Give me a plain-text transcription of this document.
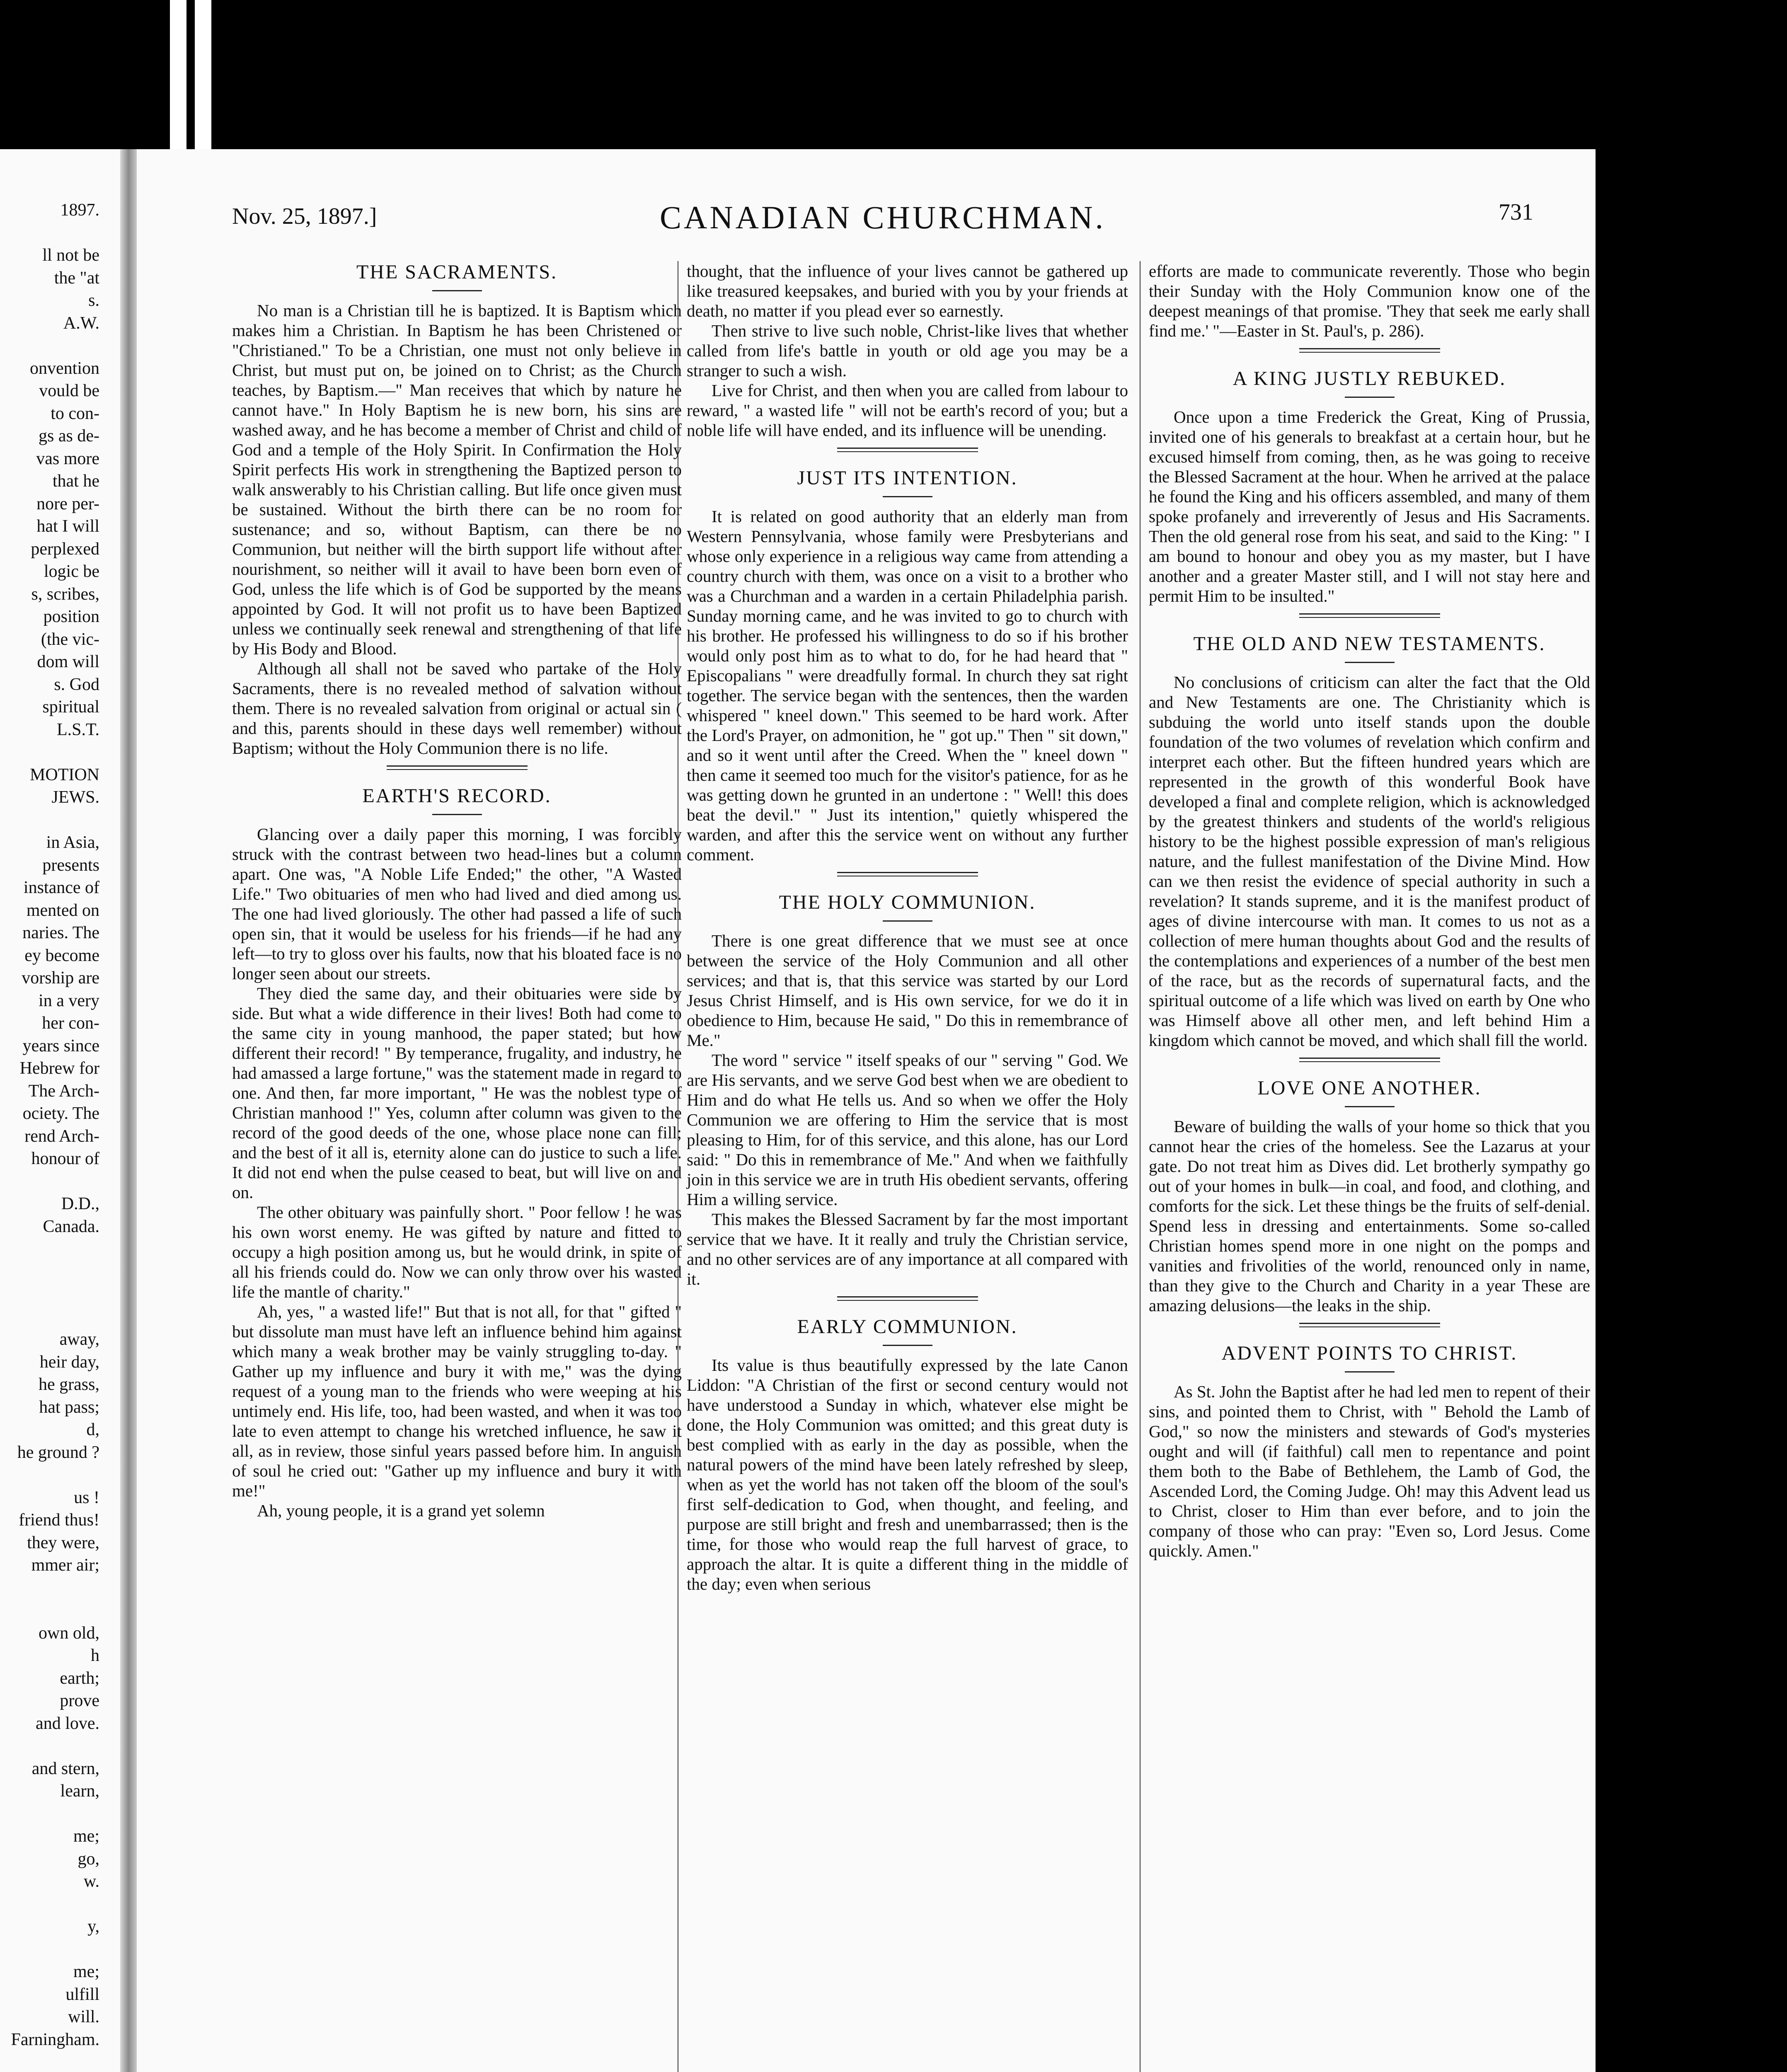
1897.

ll not be
the "at
s.
A.W.

onvention
vould be
to con-
gs as de-
vas more
that he
nore per-
hat I will
perplexed
logic be
s, scribes,
position
(the vic-
dom will
s. God
spiritual
L.S.T.

MOTION
JEWS.

in Asia,
presents
instance of
mented on
naries. The
ey become
vorship are
in a very
her con-
years since
Hebrew for
The Arch-
ociety. The
rend Arch-
honour of

D.D.,
Canada.

away,
heir day,
he grass,
hat pass;
d,
he ground ?

us !
friend thus!
they were,
mmer air;

own old,
h
earth;
prove
and love.

and stern,
learn,

me;
go,
w.

y,

me;
ulfill
will.
Farningham.
Nov. 25, 1897.]	CANADIAN CHURCHMAN.	731
THE SACRAMENTS.

No man is a Christian till he is baptized. It is Baptism which makes him a Christian. In Baptism he has been Christened or "Christianed." To be a Christian, one must not only believe in Christ, but must put on, be joined on to Christ; as the Church teaches, by Baptism.—" Man receives that which by nature he cannot have." In Holy Baptism he is new born, his sins are washed away, and he has become a member of Christ and child of God and a temple of the Holy Spirit. In Confirmation the Holy Spirit perfects His work in strengthening the Baptized person to walk answerably to his Christian calling. But life once given must be sustained. Without the birth there can be no room for sustenance; and so, without Baptism, can there be no Communion, but neither will the birth support life without after nourishment, so neither will it avail to have been born even of God, unless the life which is of God be supported by the means appointed by God. It will not profit us to have been Baptized unless we continually seek renewal and strengthening of that life by His Body and Blood.

Although all shall not be saved who partake of the Holy Sacraments, there is no revealed method of salvation without them. There is no revealed salvation from original or actual sin ( and this, parents should in these days well remember) without Baptism; without the Holy Communion there is no life.

EARTH'S RECORD.

Glancing over a daily paper this morning, I was forcibly struck with the contrast between two head-lines but a column apart. One was, "A Noble Life Ended;" the other, "A Wasted Life." Two obituaries of men who had lived and died among us. The one had lived gloriously. The other had passed a life of such open sin, that it would be useless for his friends—if he had any left—to try to gloss over his faults, now that his bloated face is no longer seen about our streets.

They died the same day, and their obituaries were side by side. But what a wide difference in their lives! Both had come to the same city in young manhood, the paper stated; but how different their record! " By temperance, frugality, and industry, he had amassed a large fortune," was the statement made in regard to one. And then, far more important, " He was the noblest type of Christian manhood !" Yes, column after column was given to the record of the good deeds of the one, whose place none can fill; and the best of it all is, eternity alone can do justice to such a life. It did not end when the pulse ceased to beat, but will live on and on.

The other obituary was painfully short. " Poor fellow ! he was his own worst enemy. He was gifted by nature and fitted to occupy a high position among us, but he would drink, in spite of all his friends could do. Now we can only throw over his wasted life the mantle of charity."

Ah, yes, " a wasted life!" But that is not all, for that " gifted " but dissolute man must have left an influence behind him against which many a weak brother may be vainly struggling to-day. " Gather up my influence and bury it with me," was the dying request of a young man to the friends who were weeping at his untimely end. His life, too, had been wasted, and when it was too late to even attempt to change his wretched influence, he saw it all, as in review, those sinful years passed before him. In anguish of soul he cried out: "Gather up my influence and bury it with me!"

Ah, young people, it is a grand yet solemn

thought, that the influence of your lives cannot be gathered up like treasured keepsakes, and buried with you by your friends at death, no matter if you plead ever so earnestly.

Then strive to live such noble, Christ-like lives that whether called from life's battle in youth or old age you may be a stranger to such a wish.

Live for Christ, and then when you are called from labour to reward, " a wasted life " will not be earth's record of you; but a noble life will have ended, and its influence will be unending.

JUST ITS INTENTION.

It is related on good authority that an elderly man from Western Pennsylvania, whose family were Presbyterians and whose only experience in a religious way came from attending a country church with them, was once on a visit to a brother who was a Churchman and a warden in a certain Philadelphia parish. Sunday morning came, and he was invited to go to church with his brother. He professed his willingness to do so if his brother would only post him as to what to do, for he had heard that " Episcopalians " were dreadfully formal. In church they sat right together. The service began with the sentences, then the warden whispered " kneel down." This seemed to be hard work. After the Lord's Prayer, on admonition, he " got up." Then " sit down," and so it went until after the Creed. When the " kneel down " then came it seemed too much for the visitor's patience, for as he was getting down he grunted in an undertone : " Well! this does beat the devil." " Just its intention," quietly whispered the warden, and after this the service went on without any further comment.

THE HOLY COMMUNION.

There is one great difference that we must see at once between the service of the Holy Communion and all other services; and that is, that this service was started by our Lord Jesus Christ Himself, and is His own service, for we do it in obedience to Him, because He said, " Do this in remembrance of Me."

The word " service " itself speaks of our " serving " God. We are His servants, and we serve God best when we are obedient to Him and do what He tells us. And so when we offer the Holy Communion we are offering to Him the service that is most pleasing to Him, for of this service, and this alone, has our Lord said: " Do this in remembrance of Me." And when we faithfully join in this service we are in truth His obedient servants, offering Him a willing service.

This makes the Blessed Sacrament by far the most important service that we have. It it really and truly the Christian service, and no other services are of any importance at all compared with it.

EARLY COMMUNION.

Its value is thus beautifully expressed by the late Canon Liddon: "A Christian of the first or second century would not have understood a Sunday in which, whatever else might be done, the Holy Communion was omitted; and this great duty is best complied with as early in the day as possible, when the natural powers of the mind have been lately refreshed by sleep, when as yet the world has not taken off the bloom of the soul's first self-dedication to God, when thought, and feeling, and purpose are still bright and fresh and unembarrassed; then is the time, for those who would reap the full harvest of grace, to approach the altar. It is quite a different thing in the middle of the day; even when serious

efforts are made to communicate reverently. Those who begin their Sunday with the Holy Communion know one of the deepest meanings of that promise. 'They that seek me early shall find me.' "—Easter in St. Paul's, p. 286).

A KING JUSTLY REBUKED.

Once upon a time Frederick the Great, King of Prussia, invited one of his generals to breakfast at a certain hour, but he excused himself from coming, then, as he was going to receive the Blessed Sacrament at the hour. When he arrived at the palace he found the King and his officers assembled, and many of them spoke profanely and irreverently of Jesus and His Sacraments. Then the old general rose from his seat, and said to the King: " I am bound to honour and obey you as my master, but I have another and a greater Master still, and I will not stay here and permit Him to be insulted."

THE OLD AND NEW TESTAMENTS.

No conclusions of criticism can alter the fact that the Old and New Testaments are one. The Christianity which is subduing the world unto itself stands upon the double foundation of the two volumes of revelation which confirm and interpret each other. But the fifteen hundred years which are represented in the growth of this wonderful Book have developed a final and complete religion, which is acknowledged by the greatest thinkers and students of the world's religious history to be the highest possible expression of man's religious nature, and the fullest manifestation of the Divine Mind. How can we then resist the evidence of special authority in such a revelation? It stands supreme, and it is the manifest product of ages of divine intercourse with man. It comes to us not as a collection of mere human thoughts about God and the results of the contemplations and experiences of a number of the best men of the race, but as the records of supernatural facts, and the spiritual outcome of a life which was lived on earth by One who was Himself above all other men, and left behind Him a kingdom which cannot be moved, and which shall fill the world.

LOVE ONE ANOTHER.

Beware of building the walls of your home so thick that you cannot hear the cries of the homeless. See the Lazarus at your gate. Do not treat him as Dives did. Let brotherly sympathy go out of your homes in bulk—in coal, and food, and clothing, and comforts for the sick. Let these things be the fruits of self-denial. Spend less in dressing and entertainments. Some so-called Christian homes spend more in one night on the pomps and vanities and frivolities of the world, renounced only in name, than they give to the Church and Charity in a year These are amazing delusions—the leaks in the ship.

ADVENT POINTS TO CHRIST.

As St. John the Baptist after he had led men to repent of their sins, and pointed them to Christ, with " Behold the Lamb of God," so now the ministers and stewards of God's mysteries ought and will (if faithful) call men to repentance and point them both to the Babe of Bethlehem, the Lamb of God, the Ascended Lord, the Coming Judge. Oh! may this Advent lead us to Christ, closer to Him than ever before, and to join the company of those who can pray: "Even so, Lord Jesus. Come quickly. Amen."
